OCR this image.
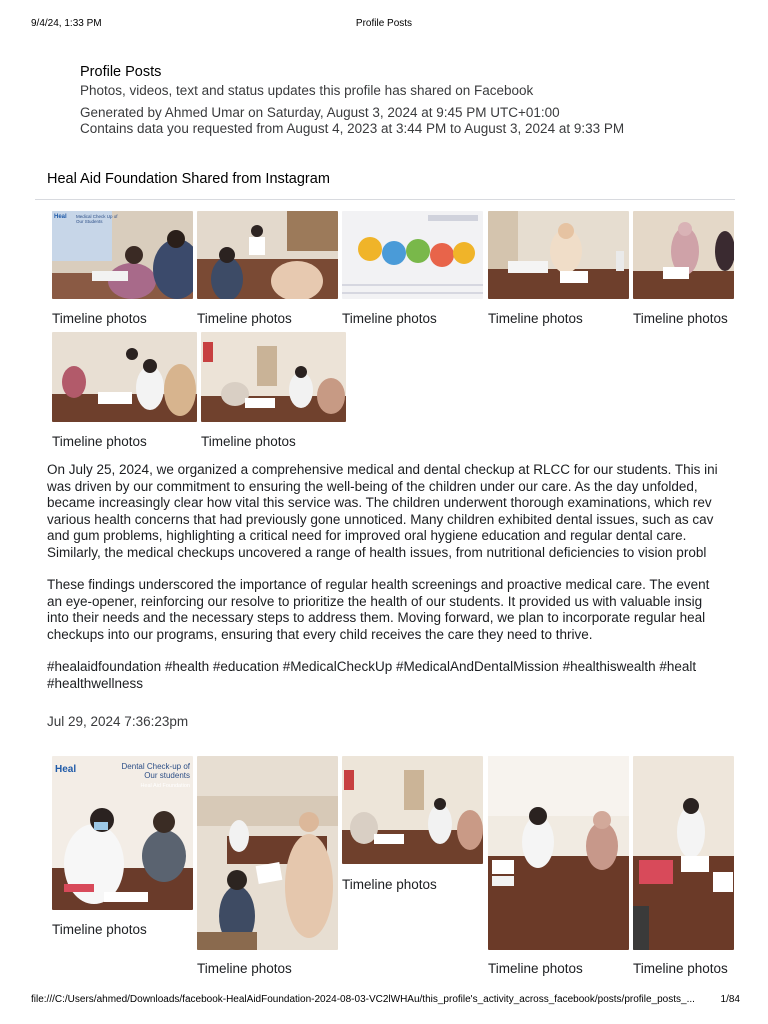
9/4/24, 1:33 PM	Profile Posts
Profile Posts
Photos, videos, text and status updates this profile has shared on Facebook
Generated by Ahmed Umar on Saturday, August 3, 2024 at 9:45 PM UTC+01:00
Contains data you requested from August 4, 2023 at 3:44 PM to August 3, 2024 at 9:33 PM
Heal Aid Foundation Shared from Instagram
Heal Medical Check Up of Our Students
Timeline photos	Timeline photos	Timeline photos	Timeline photos	Timeline photos
Timeline photos	Timeline photos
On July 25, 2024, we organized a comprehensive medical and dental checkup at RLCC for our students. This ini
was driven by our commitment to ensuring the well-being of the children under our care. As the day unfolded,
became increasingly clear how vital this service was. The children underwent thorough examinations, which rev
various health concerns that had previously gone unnoticed. Many children exhibited dental issues, such as cav
and gum problems, highlighting a critical need for improved oral hygiene education and regular dental care.
Similarly, the medical checkups uncovered a range of health issues, from nutritional deficiencies to vision probl
These findings underscored the importance of regular health screenings and proactive medical care. The event
an eye-opener, reinforcing our resolve to prioritize the health of our students. It provided us with valuable insig
into their needs and the necessary steps to address them. Moving forward, we plan to incorporate regular heal
checkups into our programs, ensuring that every child receives the care they need to thrive.
#healaidfoundation #health #education #MedicalCheckUp #MedicalAndDentalMission #healthiswealth #healt
#healthwellness
Jul 29, 2024 7:36:23pm
Heal	Dental Check-up of Our students
Heal Aid Foundation
Timeline photos
Timeline photos
Timeline photos
Timeline photos	Timeline photos
file:///C:/Users/ahmed/Downloads/facebook-HealAidFoundation-2024-08-03-VC2lWHAu/this_profile's_activity_across_facebook/posts/profile_posts_...	1/84
